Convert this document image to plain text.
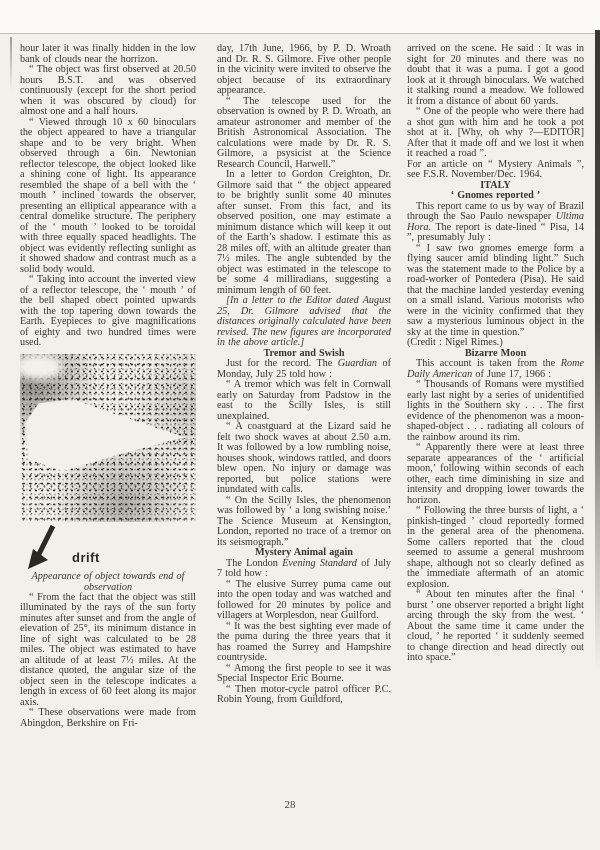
hour later it was finally hidden in the low bank of clouds near the horrizon.

“ The object was first observed at 20.50 hours B.S.T. and was observed continuously (except for the short period when it was obscured by cloud) for almost one and a half hours.

“ Viewed through 10 x 60 binoculars the object appeared to have a triangular shape and to be very bright. When observed through a 6in. Newtonian reflector telescope, the object looked like a shining cone of light. Its appearance resembled the shape of a bell with the ‘ mouth ’ inclined towards the observer, presenting an elliptical appearance with a central domelike structure. The periphery of the ‘ mouth ’ looked to be toroidal with three equally spaced headlights. The object was evidently reflecting sunlight as it showed shadow and contrast much as a solid body would.

“ Taking into account the inverted view of a reflector telescope, the ‘ mouth ’ of the bell shaped obect pointed upwards with the top tapering down towards the Earth. Eyepieces to give magnifications of eighty and two hundred times were used.

drift

Appearance of object towards end of observation

“ From the fact that the object was still illuminated by the rays of the sun forty minutes after sunset and from the angle of elevation of 25°, its minimum distance in line of sight was calculated to be 28 miles. The object was estimated to have an altitude of at least 7½ miles. At the distance quoted, the angular size of the object seen in the telescope indicates a length in excess of 60 feet along its major axis.

“ These observations were made from Abingdon, Berkshire on Fri-

day, 17th June, 1966, by P. D. Wroath and Dr. R. S. Gilmore. Five other people in the vicinity were invited to observe the object because of its extraordinary appearance.

“ The telescope used for the observation is owned by P. D. Wroath, an amateur astronomer and member of the British Astronomical Association. The calculations were made by Dr. R. S. Gilmore, a psysicist at the Science Research Council, Harwell.”

In a letter to Gordon Creighton, Dr. Gilmore said that “ the object appeared to be brightly sunlit some 40 minutes after sunset. From this fact, and its observed position, one may estimate a minimum distance which will keep it out of the Earth’s shadow. I estimate this as 28 miles off, with an altitude greater than 7½ miles. The angle subtended by the object was estimated in the telescope to be some 4 milliradians, suggesting a minimum length of 60 feet.

[In a letter to the Editor dated August 25, Dr. Gilmore advised that the distances originally calculated have been revised. The new figures are incorporated in the above article.]

Tremor and Swish

Just for the record. The Guardian of Monday, July 25 told how :

“ A tremor which was felt in Cornwall early on Saturday from Padstow in the east to the Scilly Isles, is still unexplained.

“ A coastguard at the Lizard said he felt two shock waves at about 2.50 a.m. It was followed by a low rumbling noise, houses shook, windows rattled, and doors blew open. No injury or damage was reported, but police stations were inundated with calls.

“ On the Scilly Isles, the phenomenon was followed by ‘ a long swishing noise.’ The Science Museum at Kensington, London, reported no trace of a tremor on its seismograph.”

Mystery Animal again

The London Evening Standard of July 7 told how :

“ The elusive Surrey puma came out into the open today and was watched and followed for 20 minutes by police and villagers at Worplesdon, near Guilford.

“ It was the best sighting ever made of the puma during the three years that it has roamed the Surrey and Hampshire countryside.

“ Among the first people to see it was Special Inspector Eric Bourne.

“ Then motor-cycle patrol officer P.C. Robin Young, from Guildford,

arrived on the scene. He said : It was in sight for 20 minutes and there was no doubt that it was a puma. I got a good look at it through binoculars. We watched it stalking round a meadow. We followed it from a distance of about 60 yards.

“ One of the people who were there had a shot gun with him and he took a pot shot at it. [Why, oh why ?—EDITOR] After that it made off and we lost it when it reached a road ”.

For an article on “ Mystery Animals ”, see F.S.R. November/Dec. 1964.

ITALY

‘ Gnomes reported ’

This report came to us by way of Brazil through the Sao Paulo newspaper Ultima Hora. The report is date-lined “ Pisa, 14 ”, presumably July :

“ I saw two gnomes emerge form a flying saucer amid blinding light.” Such was the statement made to the Police by a road-worker of Pontedera (Pisa). He said that the machine landed yesterday evening on a small island. Various motorists who were in the vicinity confirmed that they saw a mysterious luminous object in the sky at the time in question.”

(Credit : Nigel Rimes.)

Bizarre Moon

This account is taken from the Rome Daily American of June 17, 1966 :

“ Thousands of Romans were mystified early last night by a series of unidentified lights in the Southern sky . . . The first evidence of the phenomenon was a moon-shaped-object . . . radiating all colours of the rainbow around its rim.

“ Apparently there were at least three separate appearances of the ‘ artificial moon,’ following within seconds of each other, each time diminishing in size and intensity and dropping lower towards the horizon.

“ Following the three bursts of light, a ‘ pinkish-tinged ’ cloud reportedly formed in the general area of the phenomena. Some callers reported that the cloud seemed to assume a general mushroom shape, although not so clearly defined as the immediate aftermath of an atomic explosion.

“ About ten minutes after the final ‘ burst ’ one observer reported a bright light arcing through the sky from the west. ‘ About the same time it came under the cloud, ’ he reported ‘ it suddenly seemed to change direction and head directly out into space.”

28
